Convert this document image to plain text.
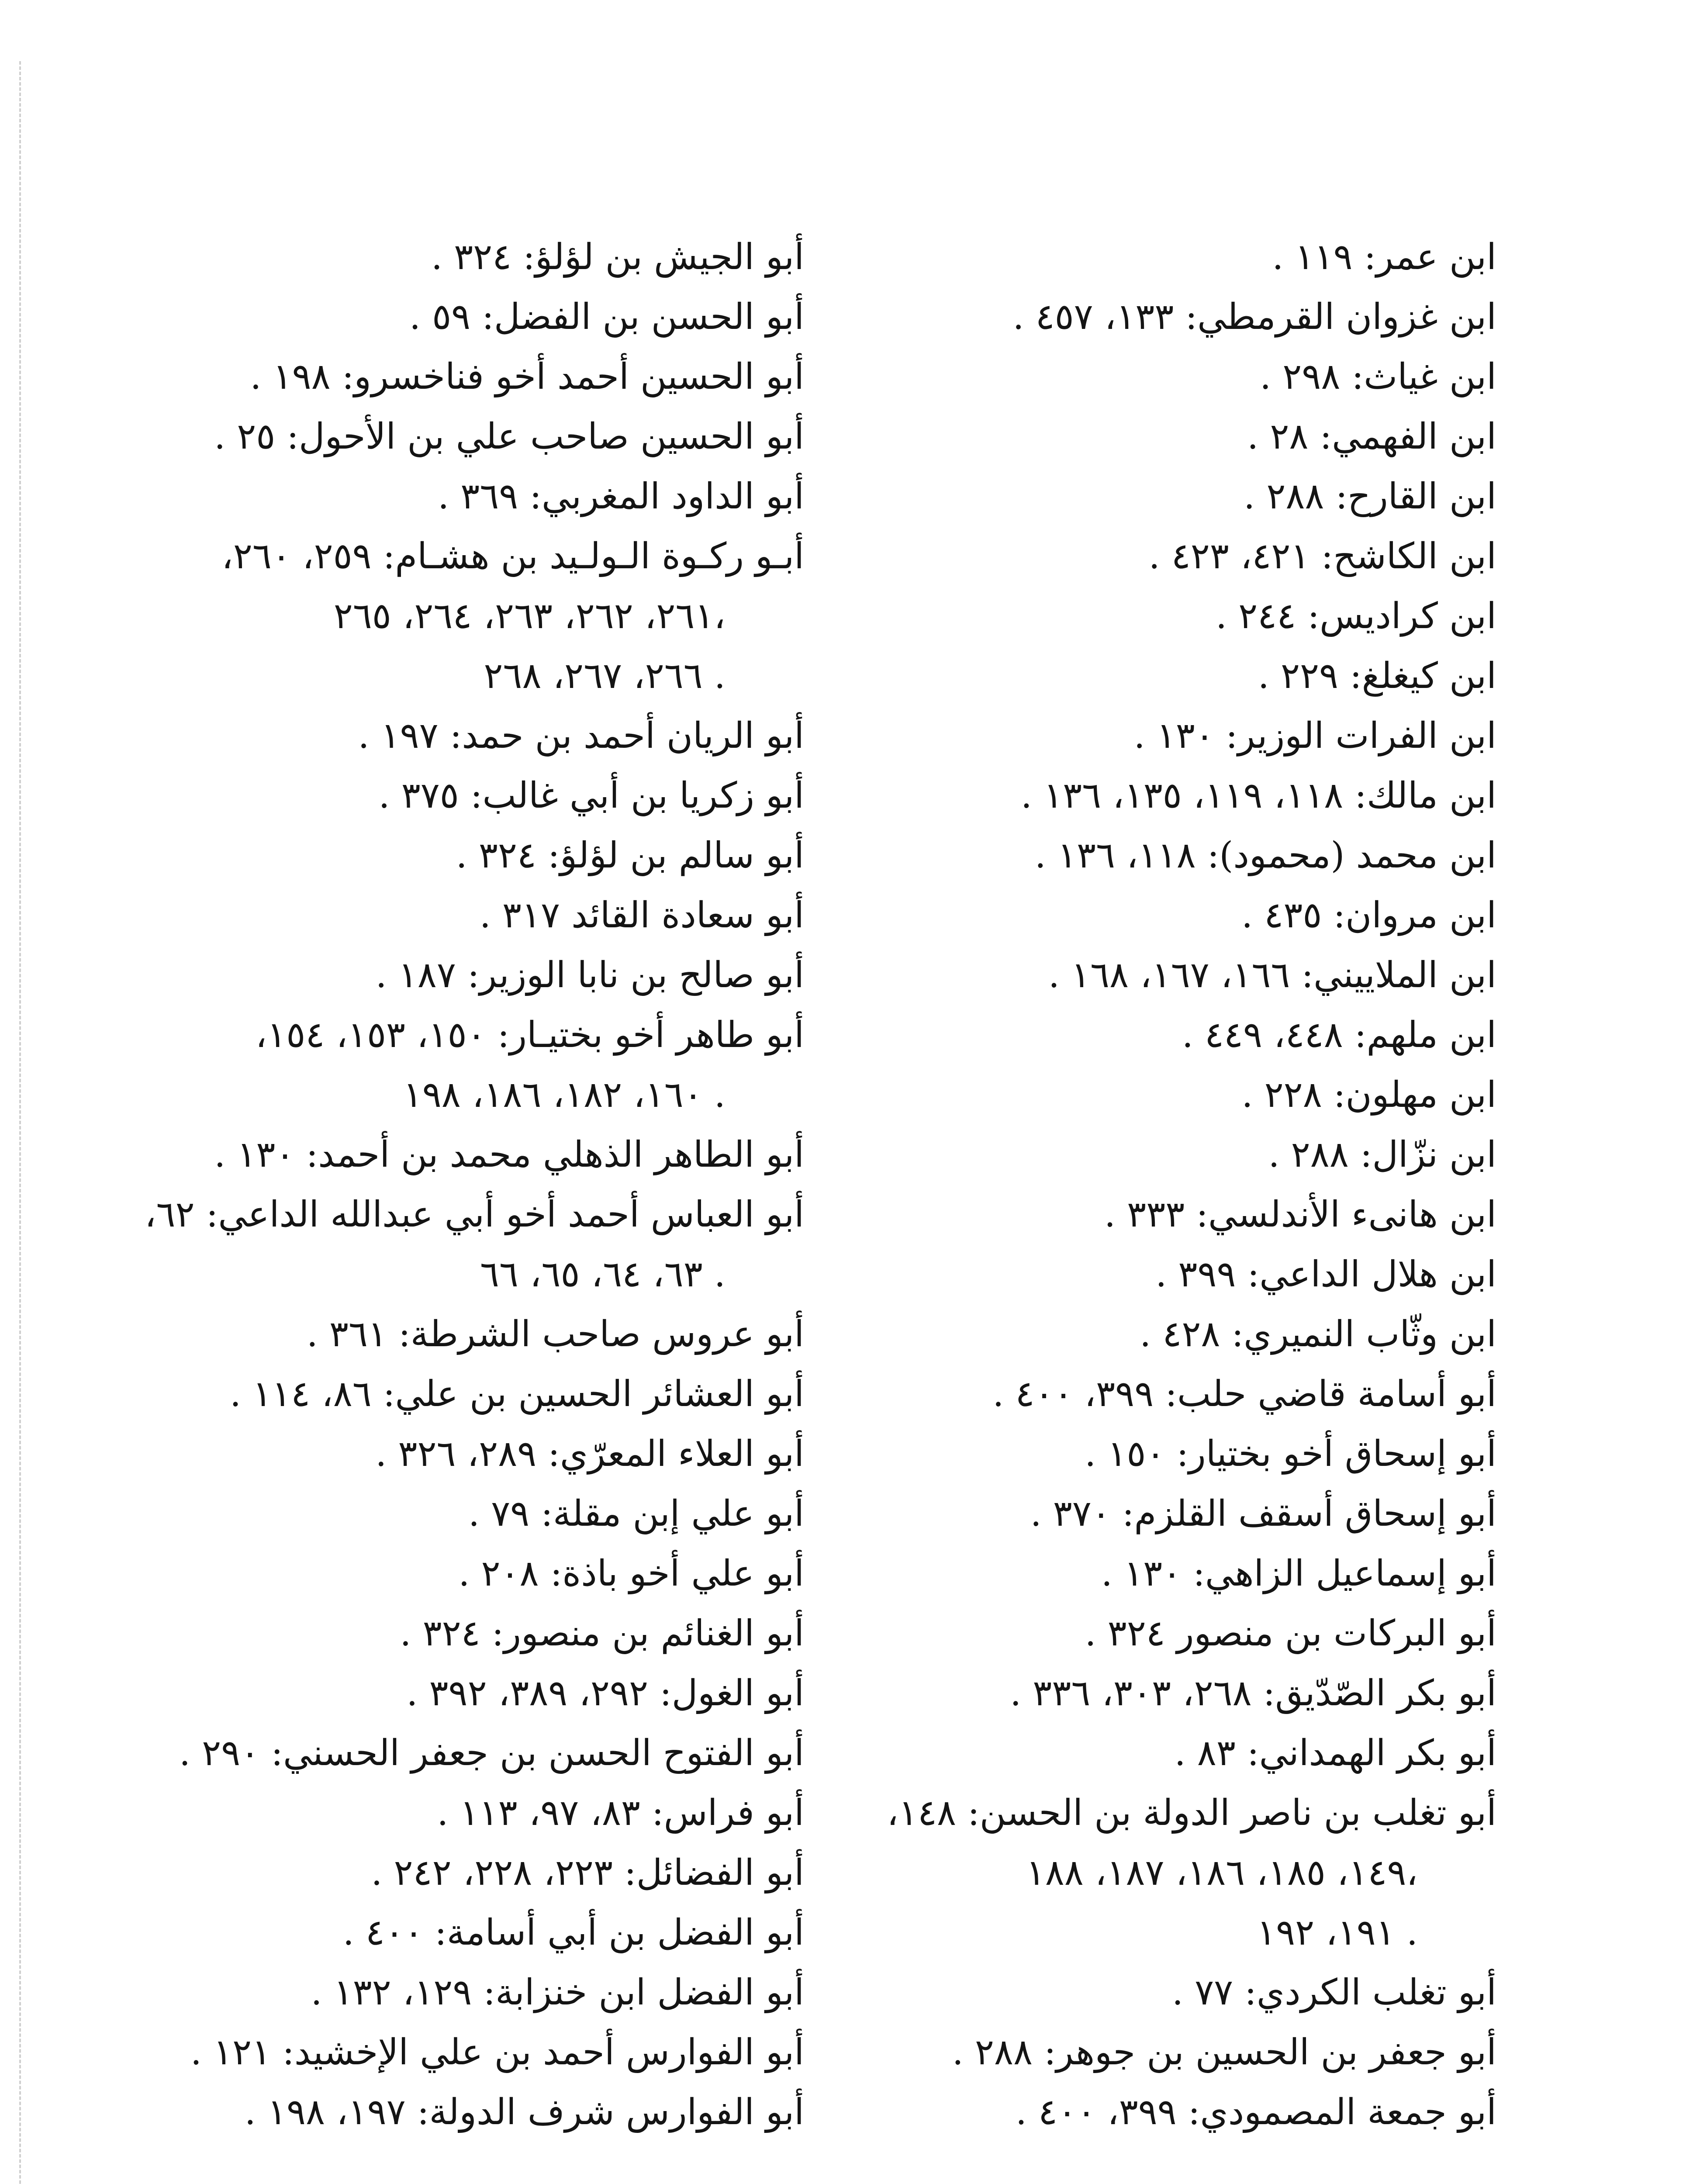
ابن عمر: ١١٩ .
ابن غزوان القرمطي: ١٣٣، ٤٥٧ .
ابن غياث: ٢٩٨ .
ابن الفهمي: ٢٨ .
ابن القارح: ٢٨٨ .
ابن الكاشح: ٤٢١، ٤٢٣ .
ابن كراديس: ٢٤٤ .
ابن كيغلغ: ٢٢٩ .
ابن الفرات الوزير: ١٣٠ .
ابن مالك: ١١٨، ١١٩، ١٣٥، ١٣٦ .
ابن محمد (محمود): ١١٨، ١٣٦ .
ابن مروان: ٤٣٥ .
ابن الملاييني: ١٦٦، ١٦٧، ١٦٨ .
ابن ملهم: ٤٤٨، ٤٤٩ .
ابن مهلون: ٢٢٨ .
ابن نزّال: ٢٨٨ .
ابن هانىء الأندلسي: ٣٣٣ .
ابن هلال الداعي: ٣٩٩ .
ابن وثّاب النميري: ٤٢٨ .
أبو أسامة قاضي حلب: ٣٩٩، ٤٠٠ .
أبو إسحاق أخو بختيار: ١٥٠ .
أبو إسحاق أسقف القلزم: ٣٧٠ .
أبو إسماعيل الزاهي: ١٣٠ .
أبو البركات بن منصور ٣٢٤ .
أبو بكر الصّدّيق: ٢٦٨، ٣٠٣، ٣٣٦ .
أبو بكر الهمداني: ٨٣ .
أبو تغلب بن ناصر الدولة بن الحسن: ١٤٨،
١٤٩، ١٨٥، ١٨٦، ١٨٧، ١٨٨،
١٩١، ١٩٢ .
أبو تغلب الكردي: ٧٧ .
أبو جعفر بن الحسين بن جوهر: ٢٨٨ .
أبو جمعة المصمودي: ٣٩٩، ٤٠٠ .
أبو الجيش بن لؤلؤ: ٣٢٤ .
أبو الحسن بن الفضل: ٥٩ .
أبو الحسين أحمد أخو فناخسرو: ١٩٨ .
أبو الحسين صاحب علي بن الأحول: ٢٥ .
أبو الداود المغربي: ٣٦٩ .
أبـو ركـوة الـولـيد بن هشـام: ٢٥٩، ٢٦٠،
٢٦١، ٢٦٢، ٢٦٣، ٢٦٤، ٢٦٥،
٢٦٦، ٢٦٧، ٢٦٨ .
أبو الريان أحمد بن حمد: ١٩٧ .
أبو زكريا بن أبي غالب: ٣٧٥ .
أبو سالم بن لؤلؤ: ٣٢٤ .
أبو سعادة القائد ٣١٧ .
أبو صالح بن نابا الوزير: ١٨٧ .
أبو طاهر أخو بختيـار: ١٥٠، ١٥٣، ١٥٤،
١٦٠، ١٨٢، ١٨٦، ١٩٨ .
أبو الطاهر الذهلي محمد بن أحمد: ١٣٠ .
أبو العباس أحمد أخو أبي عبدالله الداعي: ٦٢،
٦٣، ٦٤، ٦٥، ٦٦ .
أبو عروس صاحب الشرطة: ٣٦١ .
أبو العشائر الحسين بن علي: ٨٦، ١١٤ .
أبو العلاء المعرّي: ٢٨٩، ٣٢٦ .
أبو علي إبن مقلة: ٧٩ .
أبو علي أخو باذة: ٢٠٨ .
أبو الغنائم بن منصور: ٣٢٤ .
أبو الغول: ٢٩٢، ٣٨٩، ٣٩٢ .
أبو الفتوح الحسن بن جعفر الحسني: ٢٩٠ .
أبو فراس: ٨٣، ٩٧، ١١٣ .
أبو الفضائل: ٢٢٣، ٢٢٨، ٢٤٢ .
أبو الفضل بن أبي أسامة: ٤٠٠ .
أبو الفضل ابن خنزابة: ١٢٩، ١٣٢ .
أبو الفوارس أحمد بن علي الإخشيد: ١٢١ .
أبو الفوارس شرف الدولة: ١٩٧، ١٩٨ .
